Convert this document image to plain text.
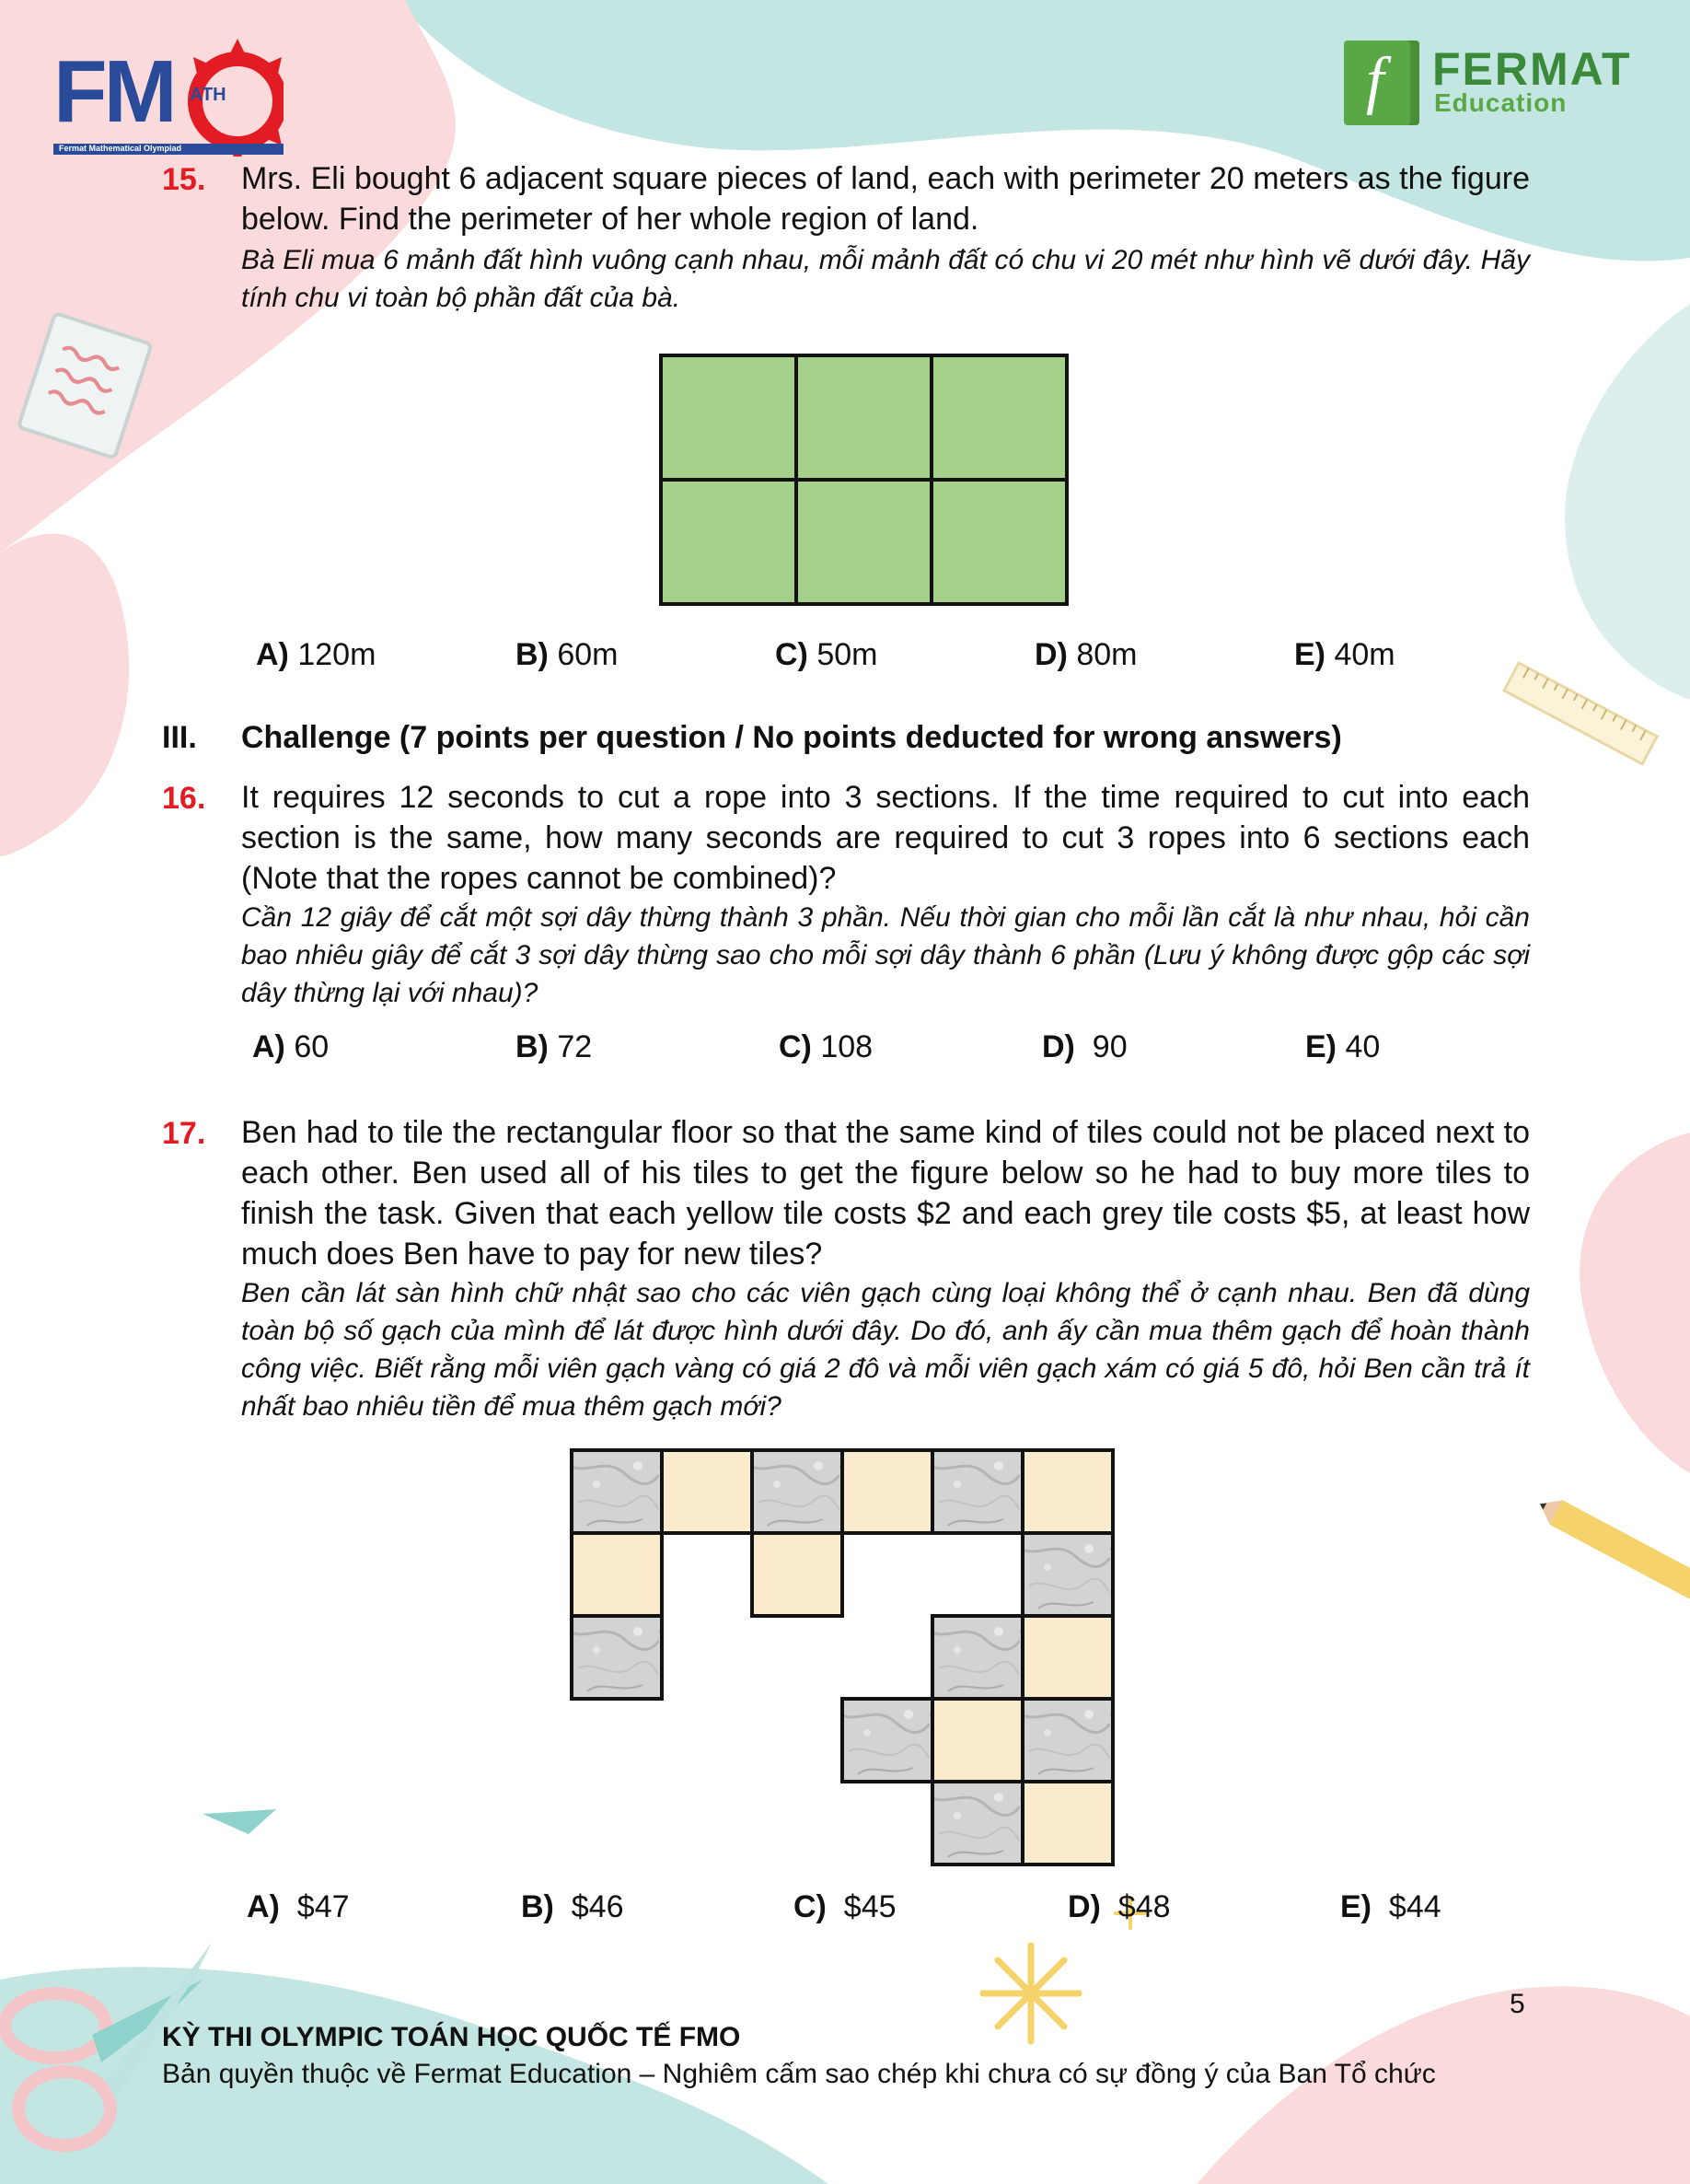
FM ATH
Fermat Mathematical Olympiad
f FERMAT
Education
15. Mrs. Eli bought 6 adjacent square pieces of land, each with perimeter 20 meters as the figure below. Find the perimeter of her whole region of land.
Bà Eli mua 6 mảnh đất hình vuông cạnh nhau, mỗi mảnh đất có chu vi 20 mét như hình vẽ dưới đây. Hãy tính chu vi toàn bộ phần đất của bà.
A) 120m	B) 60m	C) 50m	D) 80m	E) 40m
III. Challenge (7 points per question / No points deducted for wrong answers)
16. It requires 12 seconds to cut a rope into 3 sections. If the time required to cut into each section is the same, how many seconds are required to cut 3 ropes into 6 sections each (Note that the ropes cannot be combined)?
Cần 12 giây để cắt một sợi dây thừng thành 3 phần. Nếu thời gian cho mỗi lần cắt là như nhau, hỏi cần bao nhiêu giây để cắt 3 sợi dây thừng sao cho mỗi sợi dây thành 6 phần (Lưu ý không được gộp các sợi dây thừng lại với nhau)?
A) 60	B) 72	C) 108	D) 90	E) 40
17. Ben had to tile the rectangular floor so that the same kind of tiles could not be placed next to each other. Ben used all of his tiles to get the figure below so he had to buy more tiles to finish the task. Given that each yellow tile costs $2 and each grey tile costs $5, at least how much does Ben have to pay for new tiles?
Ben cần lát sàn hình chữ nhật sao cho các viên gạch cùng loại không thể ở cạnh nhau. Ben đã dùng toàn bộ số gạch của mình để lát được hình dưới đây. Do đó, anh ấy cần mua thêm gạch để hoàn thành công việc. Biết rằng mỗi viên gạch vàng có giá 2 đô và mỗi viên gạch xám có giá 5 đô, hỏi Ben cần trả ít nhất bao nhiêu tiền để mua thêm gạch mới?
A) $47	B) $46	C) $45	D) $48	E) $44
5
KỲ THI OLYMPIC TOÁN HỌC QUỐC TẾ FMO
Bản quyền thuộc về Fermat Education – Nghiêm cấm sao chép khi chưa có sự đồng ý của Ban Tổ chức
